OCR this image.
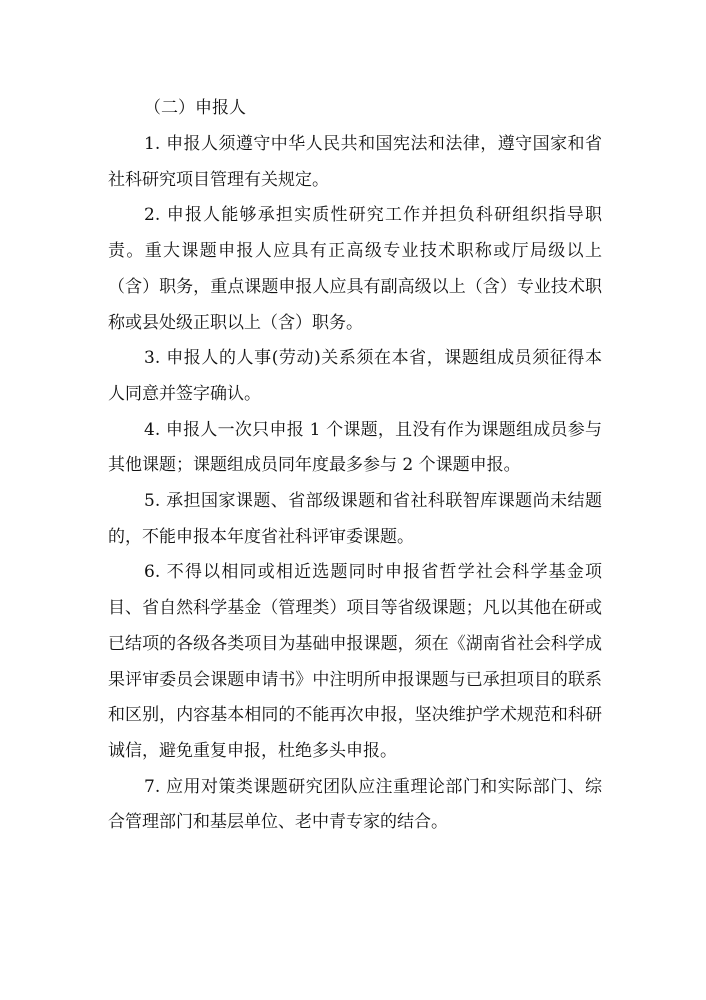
（二）申报人

1. 申报人须遵守中华人民共和国宪法和法律，遵守国家和省社科研究项目管理有关规定。

2. 申报人能够承担实质性研究工作并担负科研组织指导职责。重大课题申报人应具有正高级专业技术职称或厅局级以上（含）职务，重点课题申报人应具有副高级以上（含）专业技术职称或县处级正职以上（含）职务。

3. 申报人的人事(劳动)关系须在本省，课题组成员须征得本人同意并签字确认。

4. 申报人一次只申报 1 个课题，且没有作为课题组成员参与其他课题；课题组成员同年度最多参与 2 个课题申报。

5. 承担国家课题、省部级课题和省社科联智库课题尚未结题的，不能申报本年度省社科评审委课题。

6. 不得以相同或相近选题同时申报省哲学社会科学基金项目、省自然科学基金（管理类）项目等省级课题；凡以其他在研或已结项的各级各类项目为基础申报课题，须在《湖南省社会科学成果评审委员会课题申请书》中注明所申报课题与已承担项目的联系和区别，内容基本相同的不能再次申报，坚决维护学术规范和科研诚信，避免重复申报，杜绝多头申报。

7. 应用对策类课题研究团队应注重理论部门和实际部门、综合管理部门和基层单位、老中青专家的结合。
